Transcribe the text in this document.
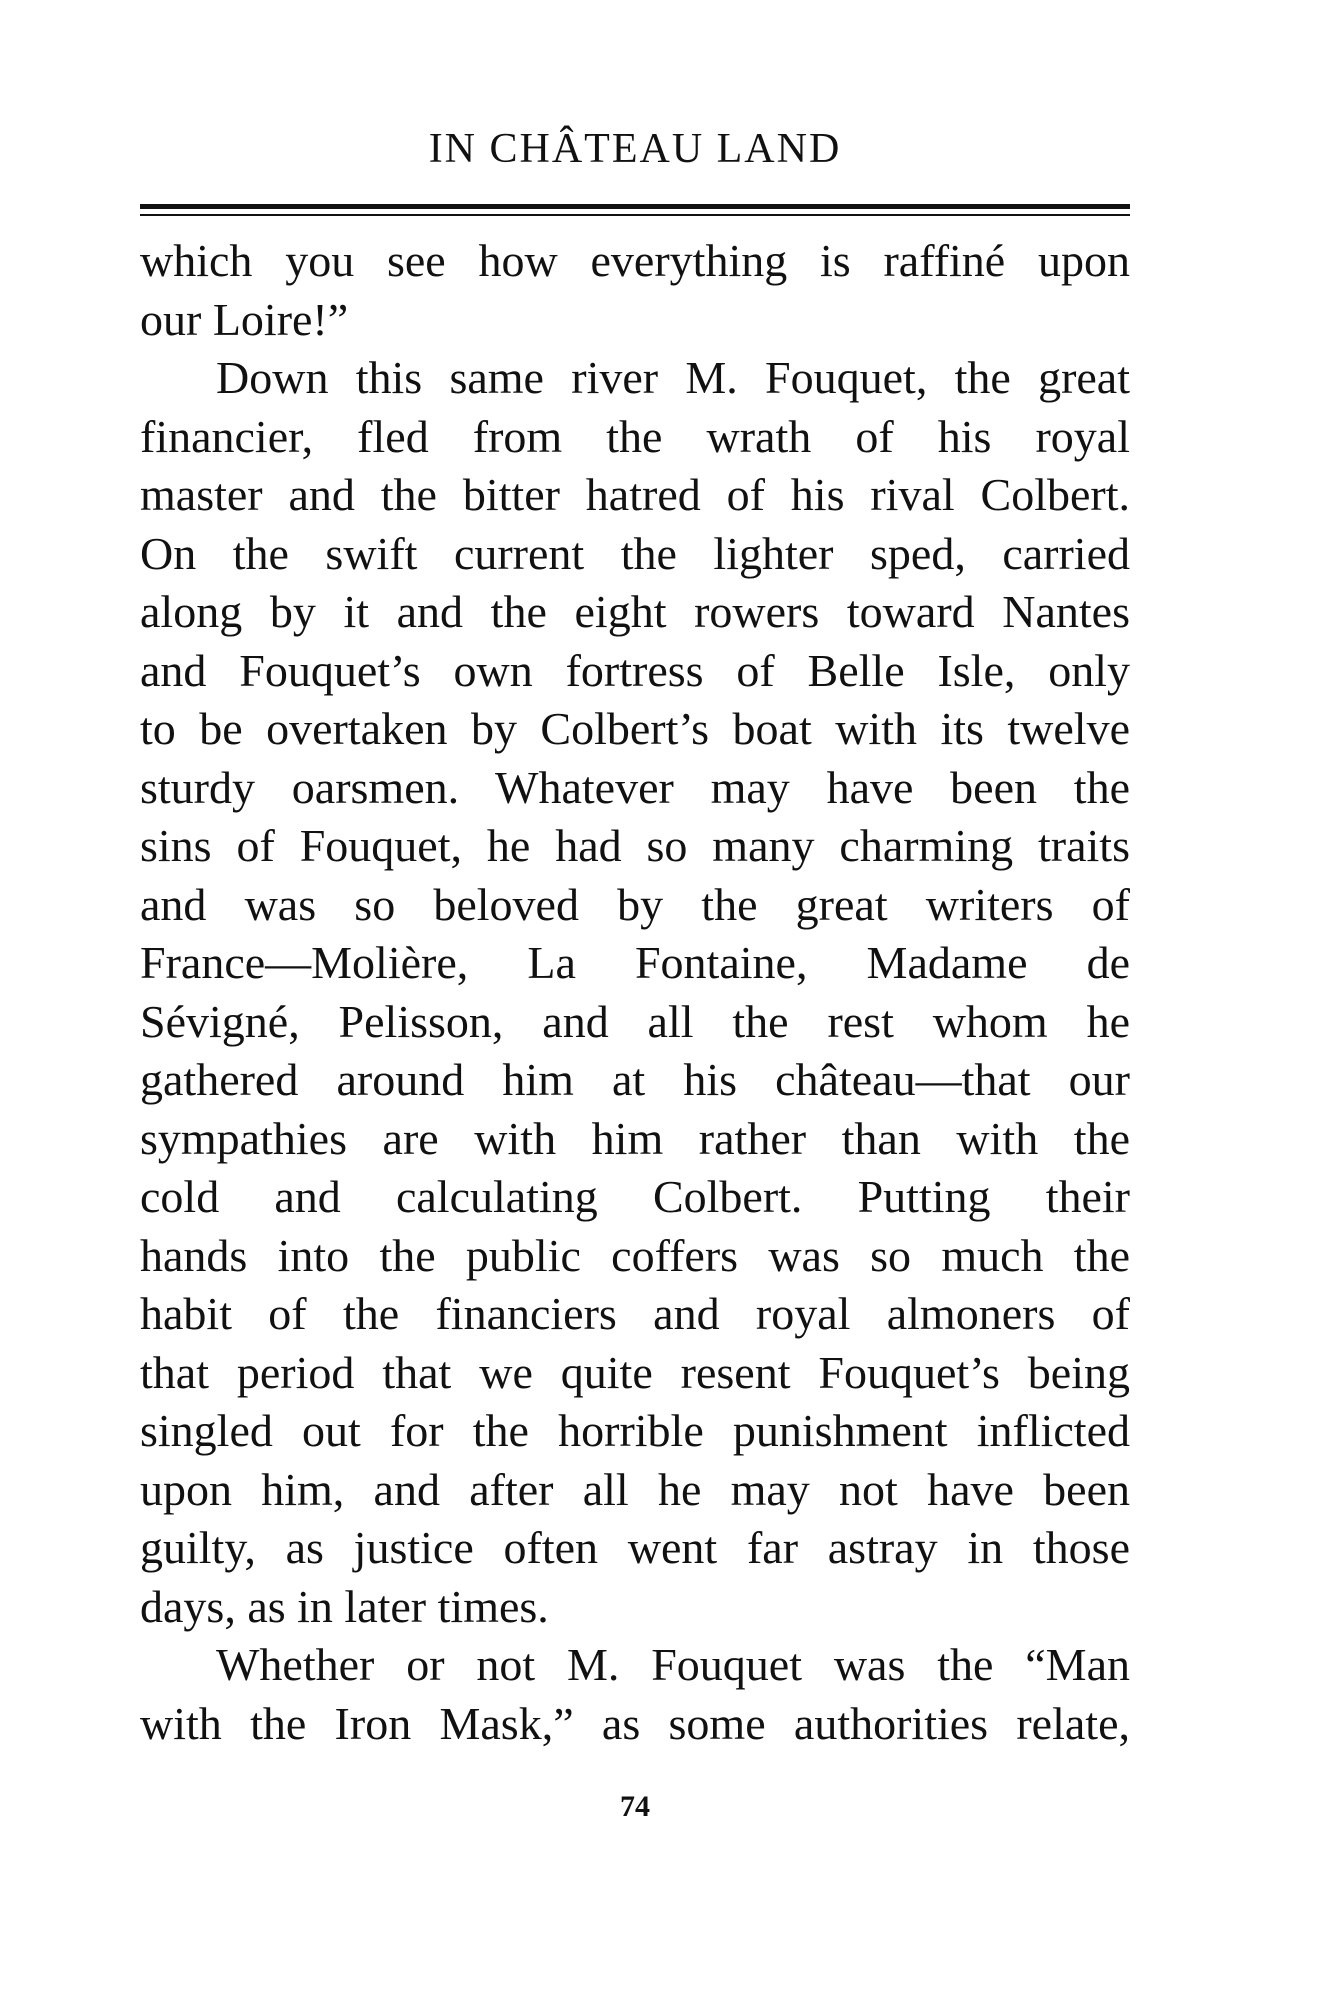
IN CHÂTEAU LAND
which you see how everything is raffiné upon
our Loire!”
Down this same river M. Fouquet, the great
financier, fled from the wrath of his royal
master and the bitter hatred of his rival Colbert.
On the swift current the lighter sped, carried
along by it and the eight rowers toward Nantes
and Fouquet’s own fortress of Belle Isle, only
to be overtaken by Colbert’s boat with its twelve
sturdy oarsmen. Whatever may have been the
sins of Fouquet, he had so many charming traits
and was so beloved by the great writers of
France—Molière, La Fontaine, Madame de
Sévigné, Pelisson, and all the rest whom he
gathered around him at his château—that our
sympathies are with him rather than with the
cold and calculating Colbert. Putting their
hands into the public coffers was so much the
habit of the financiers and royal almoners of
that period that we quite resent Fouquet’s being
singled out for the horrible punishment inflicted
upon him, and after all he may not have been
guilty, as justice often went far astray in those
days, as in later times.
Whether or not M. Fouquet was the “Man
with the Iron Mask,” as some authorities relate,
74
